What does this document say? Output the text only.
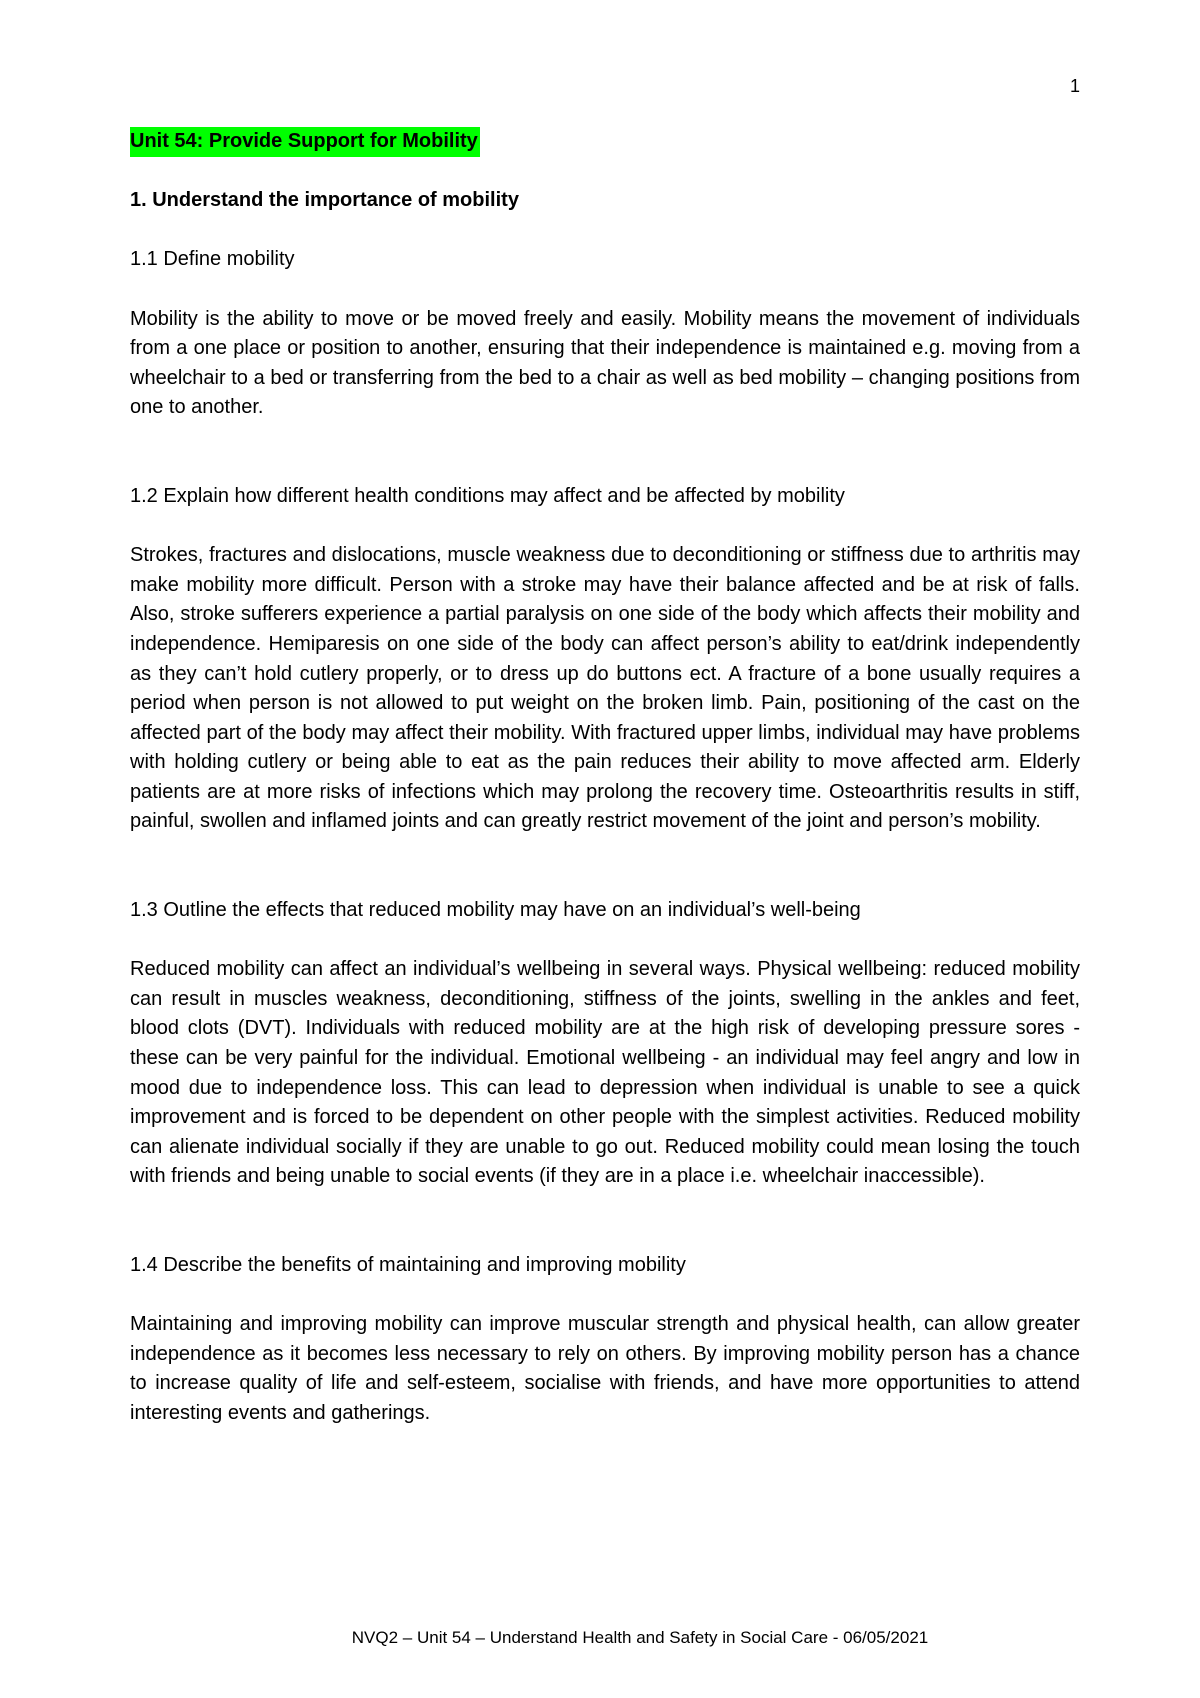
1
Unit 54: Provide Support for Mobility
1. Understand the importance of mobility
1.1 Define mobility

Mobility is the ability to move or be moved freely and easily. Mobility means the movement of individuals from a one place or position to another, ensuring that their independence is maintained e.g. moving from a wheelchair to a bed or transferring from the bed to a chair as well as bed mobility – changing positions from one to another.

1.2 Explain how different health conditions may affect and be affected by mobility

Strokes, fractures and dislocations, muscle weakness due to deconditioning or stiffness due to arthritis may make mobility more difficult. Person with a stroke may have their balance affected and be at risk of falls. Also, stroke sufferers experience a partial paralysis on one side of the body which affects their mobility and independence. Hemiparesis on one side of the body can affect person’s ability to eat/drink independently as they can’t hold cutlery properly, or to dress up do buttons ect. A fracture of a bone usually requires a period when person is not allowed to put weight on the broken limb. Pain, positioning of the cast on the affected part of the body may affect their mobility. With fractured upper limbs, individual may have problems with holding cutlery or being able to eat as the pain reduces their ability to move affected arm. Elderly patients are at more risks of infections which may prolong the recovery time. Osteoarthritis results in stiff, painful, swollen and inflamed joints and can greatly restrict movement of the joint and person’s mobility.

1.3 Outline the effects that reduced mobility may have on an individual’s well-being

Reduced mobility can affect an individual’s wellbeing in several ways. Physical wellbeing: reduced mobility can result in muscles weakness, deconditioning, stiffness of the joints, swelling in the ankles and feet, blood clots (DVT). Individuals with reduced mobility are at the high risk of developing pressure sores - these can be very painful for the individual. Emotional wellbeing - an individual may feel angry and low in mood due to independence loss. This can lead to depression when individual is unable to see a quick improvement and is forced to be dependent on other people with the simplest activities. Reduced mobility can alienate individual socially if they are unable to go out. Reduced mobility could mean losing the touch with friends and being unable to social events (if they are in a place i.e. wheelchair inaccessible).

1.4 Describe the benefits of maintaining and improving mobility

Maintaining and improving mobility can improve muscular strength and physical health, can allow greater independence as it becomes less necessary to rely on others. By improving mobility person has a chance to increase quality of life and self-esteem, socialise with friends, and have more opportunities to attend interesting events and gatherings.

NVQ2 – Unit 54 – Understand Health and Safety in Social Care - 06/05/2021
